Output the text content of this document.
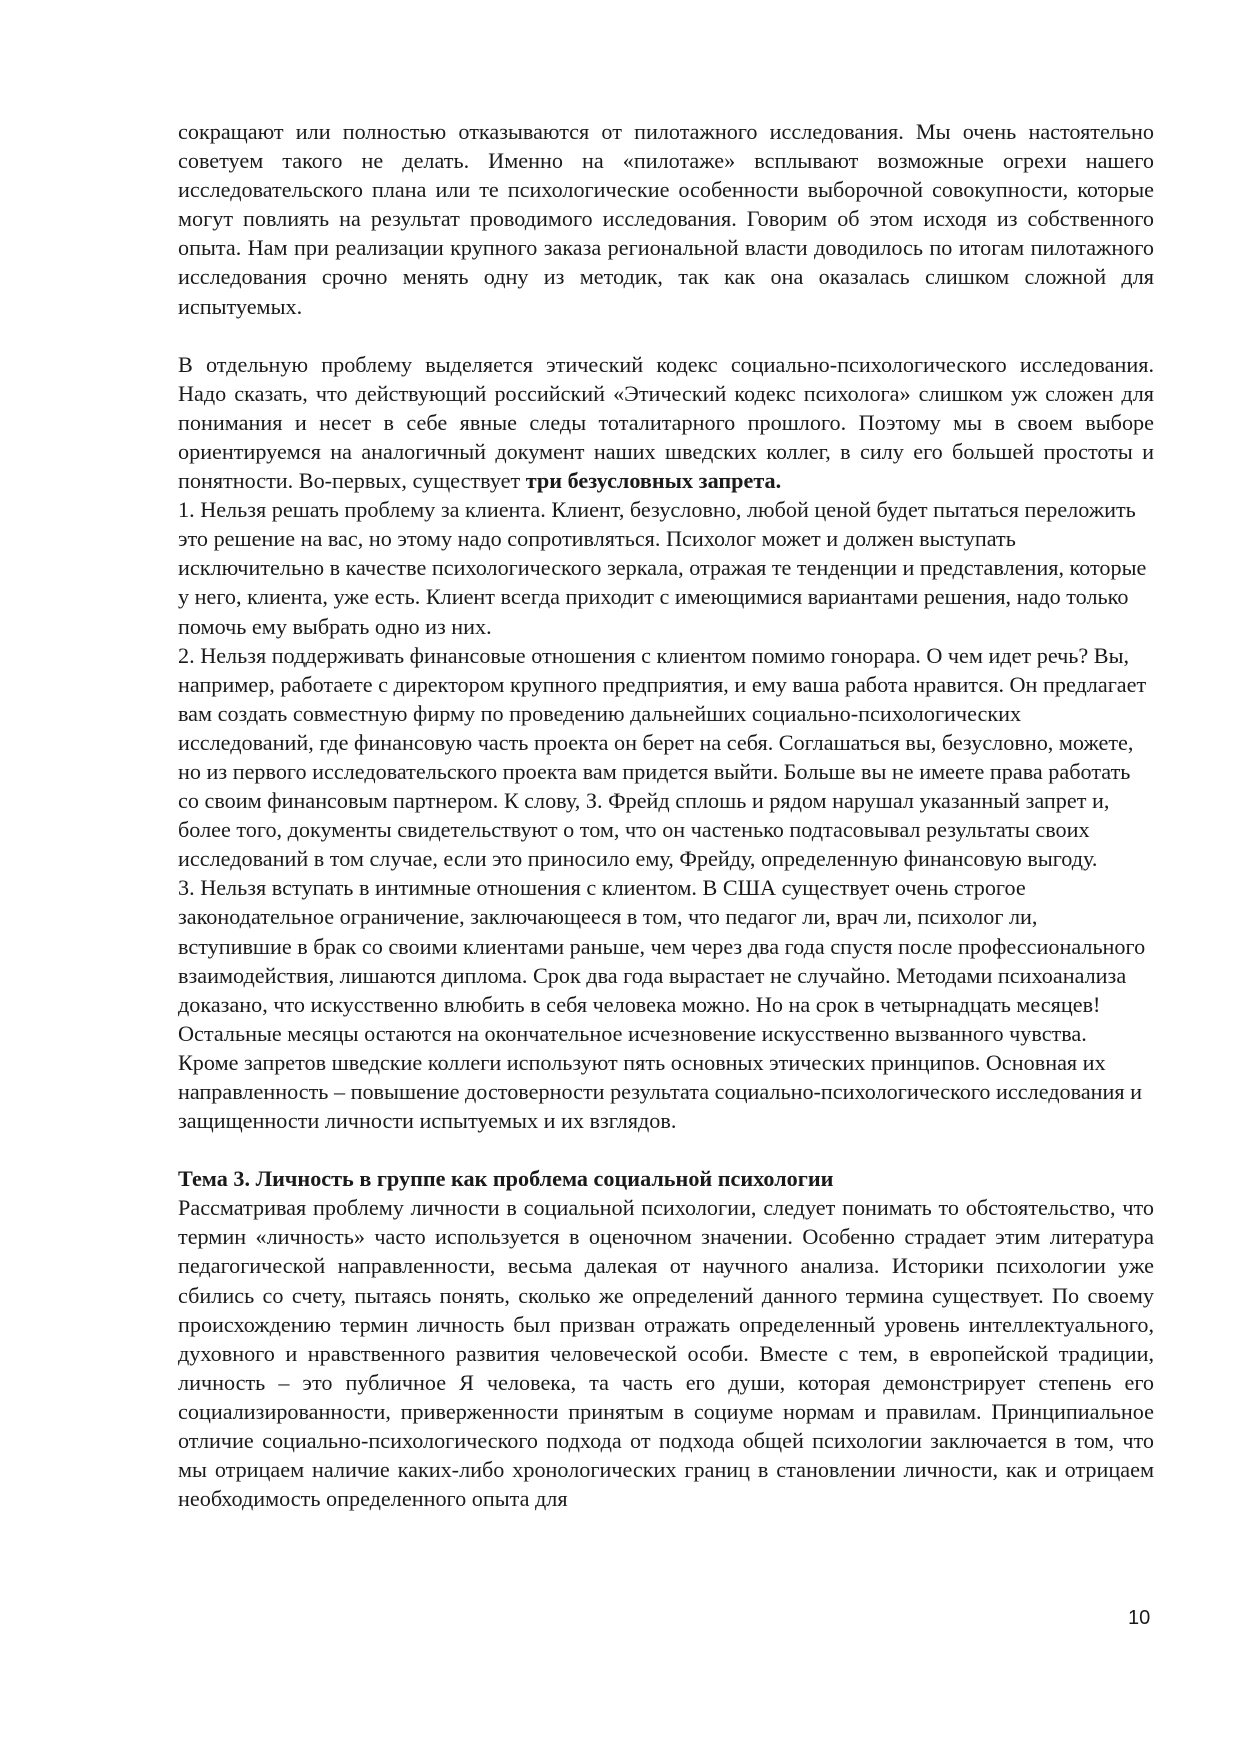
сокращают или полностью отказываются от пилотажного исследования. Мы очень настоятельно советуем такого не делать. Именно на «пилотаже» всплывают возможные огрехи нашего исследовательского плана или те психологические особенности выборочной совокупности, которые могут повлиять на результат проводимого исследования. Говорим об этом исходя из собственного опыта. Нам при реализации крупного заказа региональной власти доводилось по итогам пилотажного исследования срочно менять одну из методик, так как она оказалась слишком сложной для испытуемых.

В отдельную проблему выделяется этический кодекс социально-психологического исследования. Надо сказать, что действующий российский «Этический кодекс психолога» слишком уж сложен для понимания и несет в себе явные следы тоталитарного прошлого. Поэтому мы в своем выборе ориентируемся на аналогичный документ наших шведских коллег, в силу его большей простоты и понятности. Во-первых, существует три безусловных запрета.

1. Нельзя решать проблему за клиента. Клиент, безусловно, любой ценой будет пытаться переложить это решение на вас, но этому надо сопротивляться. Психолог может и должен выступать исключительно в качестве психологического зеркала, отражая те тенденции и представления, которые у него, клиента, уже есть. Клиент всегда приходит с имеющимися вариантами решения, надо только помочь ему выбрать одно из них.

2. Нельзя поддерживать финансовые отношения с клиентом помимо гонорара. О чем идет речь? Вы, например, работаете с директором крупного предприятия, и ему ваша работа нравится. Он предлагает вам создать совместную фирму по проведению дальнейших социально-психологических исследований, где финансовую часть проекта он берет на себя. Соглашаться вы, безусловно, можете, но из первого исследовательского проекта вам придется выйти. Больше вы не имеете права работать со своим финансовым партнером. К слову, З. Фрейд сплошь и рядом нарушал указанный запрет и, более того, документы свидетельствуют о том, что он частенько подтасовывал результаты своих исследований в том случае, если это приносило ему, Фрейду, определенную финансовую выгоду.

3. Нельзя вступать в интимные отношения с клиентом. В США существует очень строгое законодательное ограничение, заключающееся в том, что педагог ли, врач ли, психолог ли, вступившие в брак со своими клиентами раньше, чем через два года спустя после профессионального взаимодействия, лишаются диплома. Срок два года вырастает не случайно. Методами психоанализа доказано, что искусственно влюбить в себя человека можно. Но на срок в четырнадцать месяцев! Остальные месяцы остаются на окончательное исчезновение искусственно вызванного чувства.

Кроме запретов шведские коллеги используют пять основных этических принципов. Основная их направленность – повышение достоверности результата социально-психологического исследования и защищенности личности испытуемых и их взглядов.

Тема 3. Личность в группе как проблема социальной психологии

Рассматривая проблему личности в социальной психологии, следует понимать то обстоятельство, что термин «личность» часто используется в оценочном значении. Особенно страдает этим литература педагогической направленности, весьма далекая от научного анализа. Историки психологии уже сбились со счету, пытаясь понять, сколько же определений данного термина существует. По своему происхождению термин личность был призван отражать определенный уровень интеллектуального, духовного и нравственного развития человеческой особи. Вместе с тем, в европейской традиции, личность – это публичное Я человека, та часть его души, которая демонстрирует степень его социализированности, приверженности принятым в социуме нормам и правилам. Принципиальное отличие социально-психологического подхода от подхода общей психологии заключается в том, что мы отрицаем наличие каких-либо хронологических границ в становлении личности, как и отрицаем необходимость определенного опыта для

10
